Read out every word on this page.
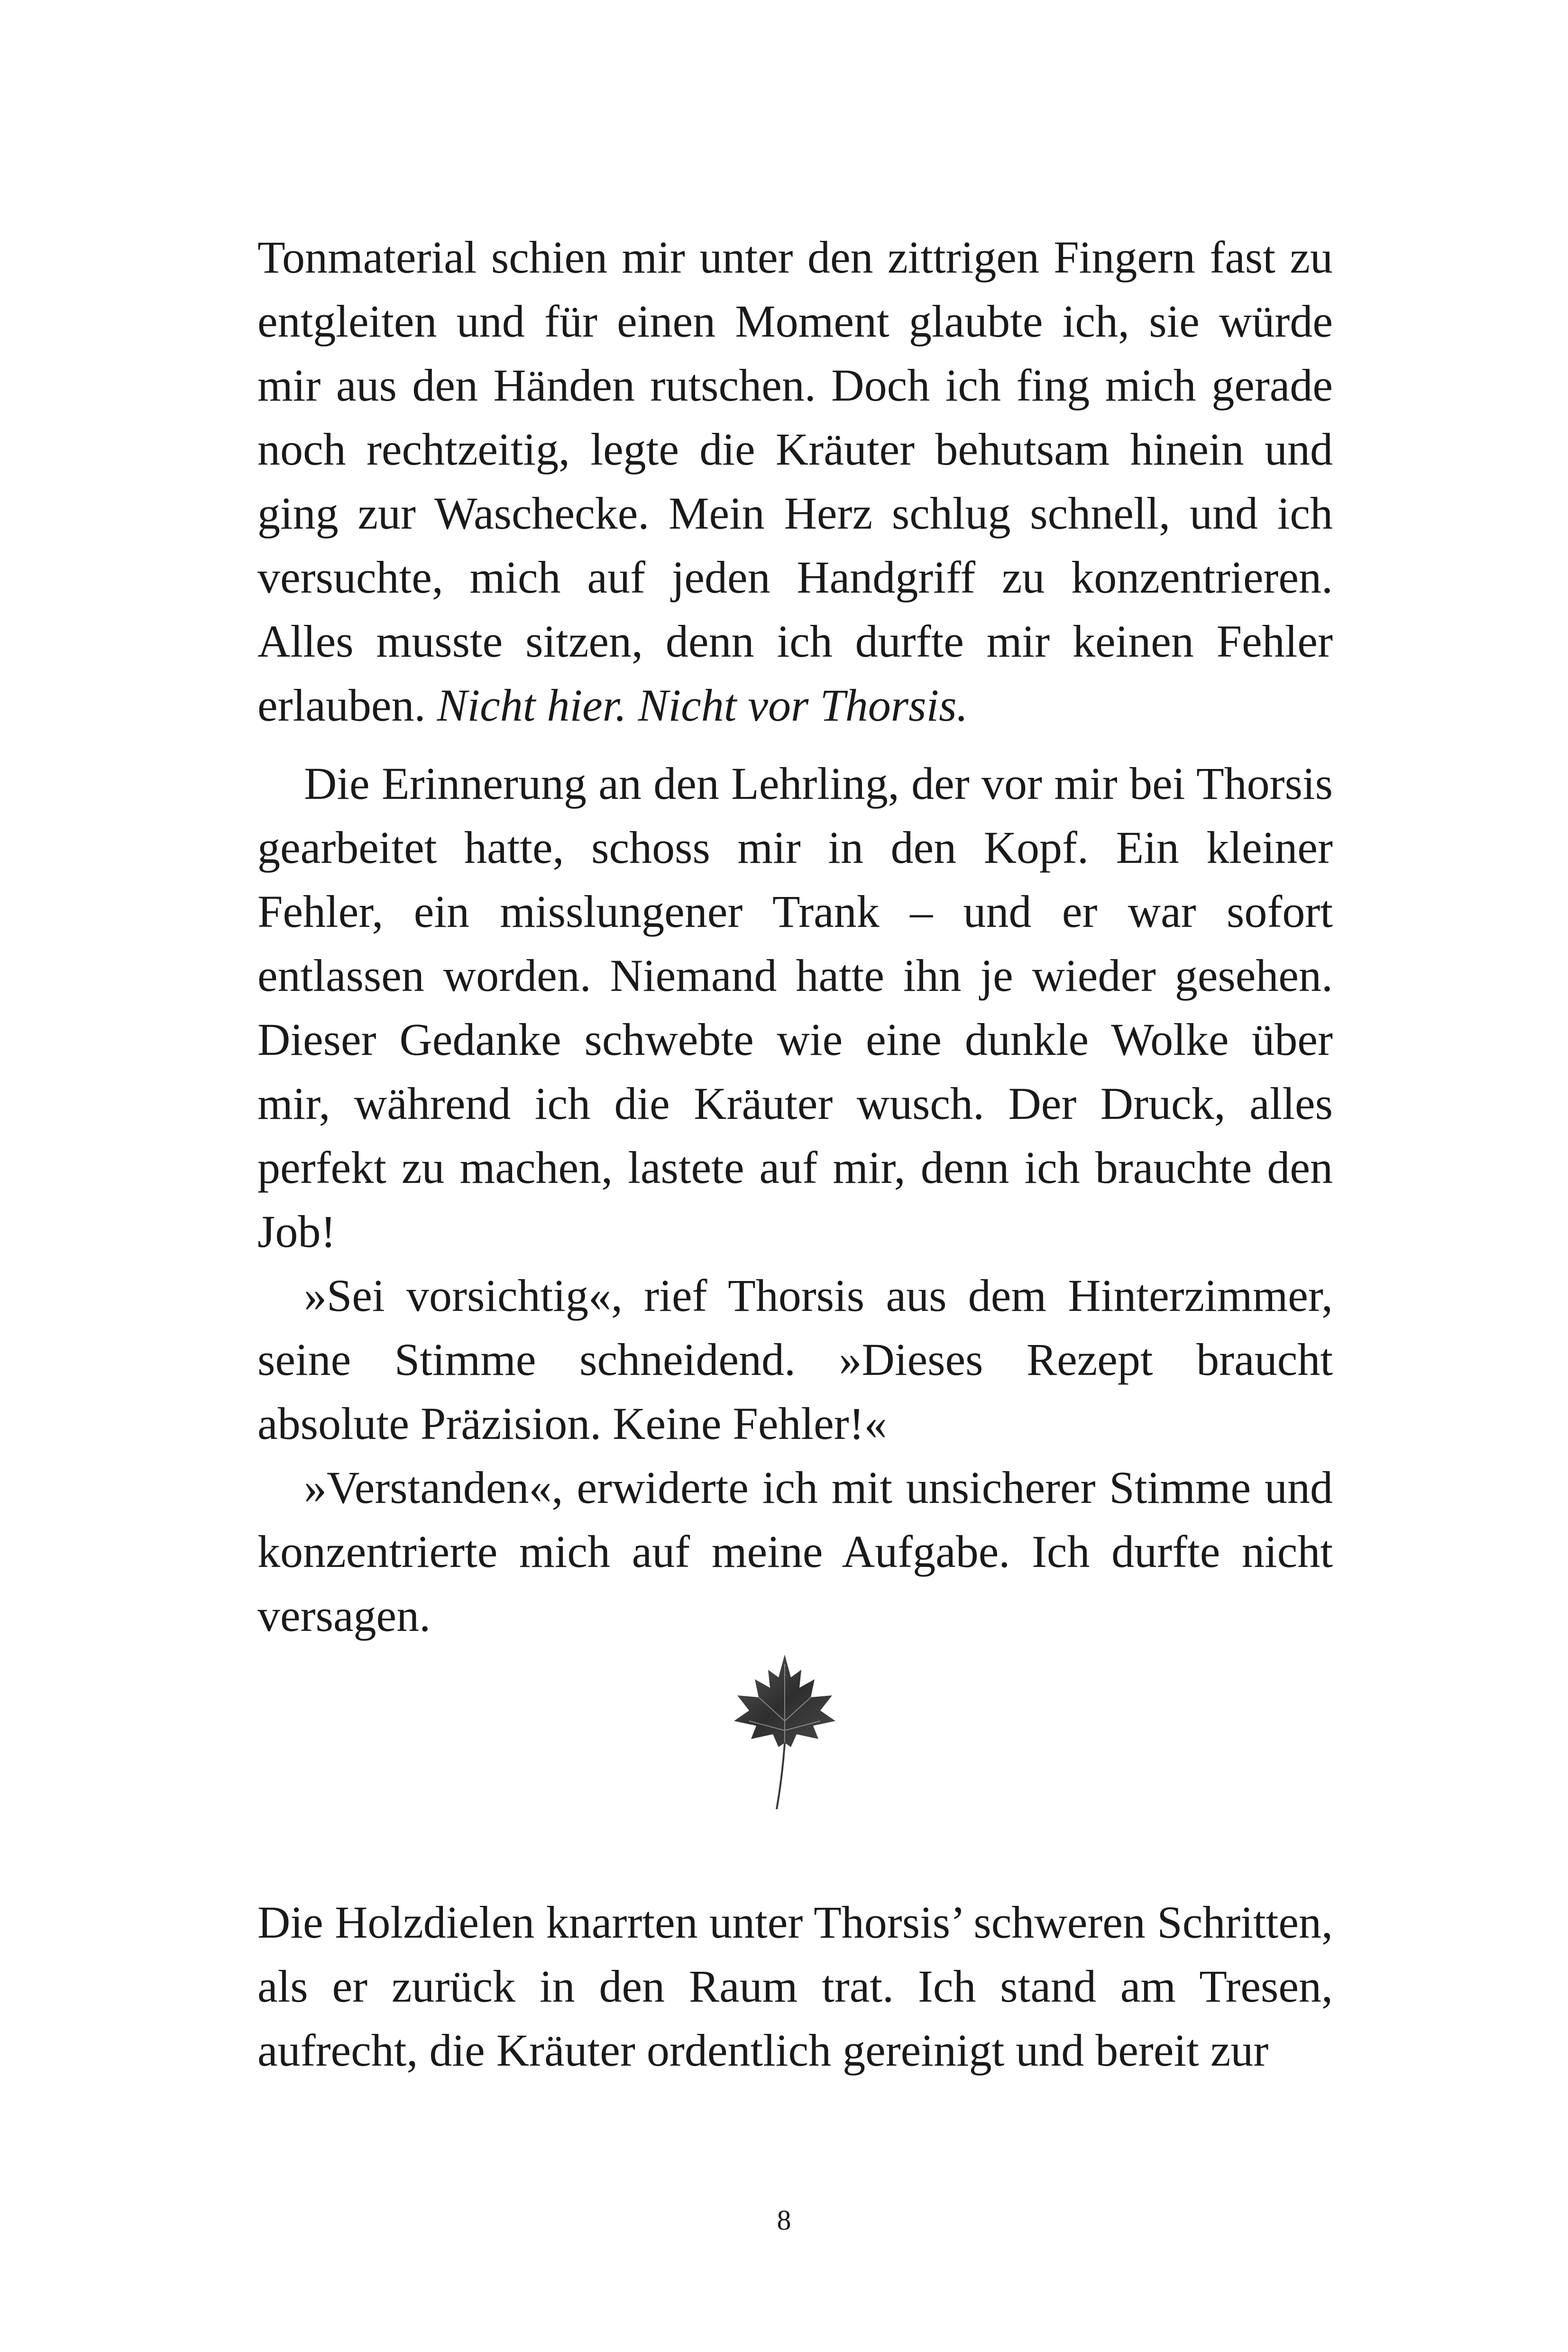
Tonmaterial schien mir unter den zittrigen Fingern fast zu entgleiten und für einen Moment glaubte ich, sie würde mir aus den Händen rutschen. Doch ich fing mich gerade noch rechtzeitig, legte die Kräuter behutsam hinein und ging zur Waschecke. Mein Herz schlug schnell, und ich versuchte, mich auf jeden Handgriff zu konzentrieren. Alles musste sitzen, denn ich durfte mir keinen Fehler erlauben. Nicht hier. Nicht vor Thorsis.

Die Erinnerung an den Lehrling, der vor mir bei Thorsis gearbeitet hatte, schoss mir in den Kopf. Ein kleiner Fehler, ein misslungener Trank – und er war sofort entlassen worden. Niemand hatte ihn je wieder gesehen. Dieser Gedanke schwebte wie eine dunkle Wolke über mir, während ich die Kräuter wusch. Der Druck, alles perfekt zu machen, lastete auf mir, denn ich brauchte den Job!

»Sei vorsichtig«, rief Thorsis aus dem Hinterzimmer, seine Stimme schneidend. »Dieses Rezept braucht absolute Präzision. Keine Fehler!«

»Verstanden«, erwiderte ich mit unsicherer Stimme und konzentrierte mich auf meine Aufgabe. Ich durfte nicht versagen.

Die Holzdielen knarrten unter Thorsis’ schweren Schritten, als er zurück in den Raum trat. Ich stand am Tresen, aufrecht, die Kräuter ordentlich gereinigt und bereit zur

8
